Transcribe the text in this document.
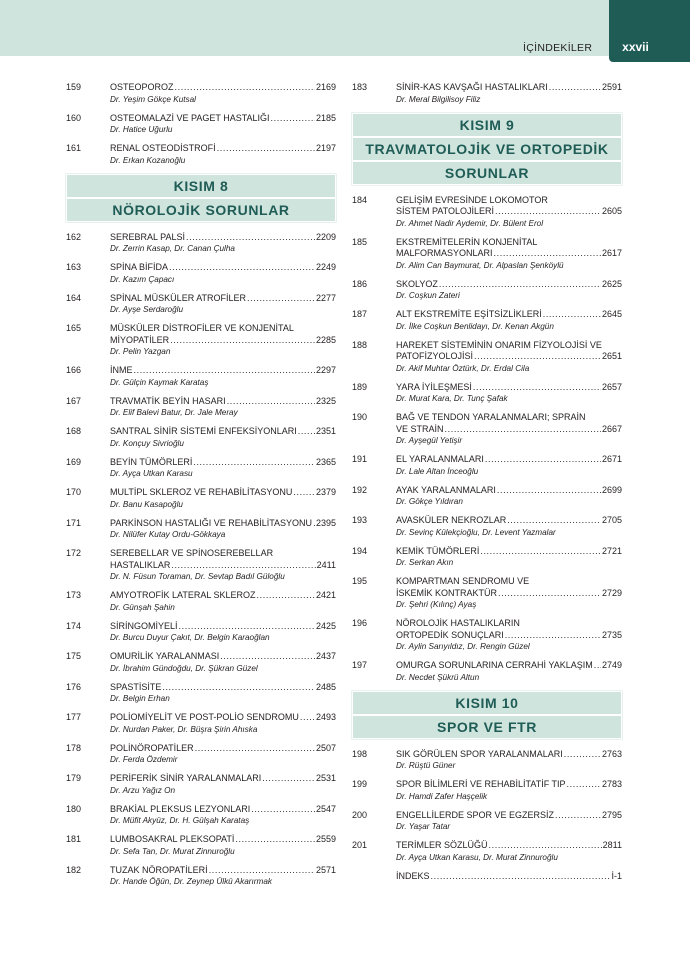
İÇİNDEKİLER	xxvii
159	OSTEOPOROZ .....	2169
Dr. Yeşim Gökçe Kutsal
160	OSTEOMALAZİ VE PAGET HASTALIĞI .....	2185
Dr. Hatice Uğurlu
161	RENAL OSTEODİSTROFİ .....	2197
Dr. Erkan Kozanoğlu
KISIM 8
NÖROLOJİK SORUNLAR
162	SEREBRAL PALSİ .....	2209
Dr. Zerrin Kasap, Dr. Canan Çulha
163	SPİNA BİFİDA .....	2249
Dr. Kazım Çapacı
164	SPİNAL MÜSKÜLER ATROFİLER .....	2277
Dr. Ayşe Serdaroğlu
165	MÜSKÜLER DİSTROFİLER VE KONJENİTAL
MİYOPATİLER .....	2285
Dr. Pelin Yazgan
166	İNME .....	2297
Dr. Gülçin Kaymak Karataş
167	TRAVMATİK BEYİN HASARI .....	2325
Dr. Elif Balevi Batur, Dr. Jale Meray
168	SANTRAL SİNİR SİSTEMİ ENFEKSİYONLARI ..... 2351
Dr. Konçuy Sivrioğlu
169	BEYİN TÜMÖRLERİ .....	2365
Dr. Ayça Utkan Karasu
170	MULTİPL SKLEROZ VE REHABİLİTASYONU .....	2379
Dr. Banu Kasapoğlu
171	PARKİNSON HASTALIĞI VE REHABİLİTASYONU ..... 2395
Dr. Nilüfer Kutay Ordu-Gökkaya
172	SEREBELLAR VE SPİNOSEREBELLAR
HASTALIKLAR .....	2411
Dr. N. Füsun Toraman, Dr. Sevtap Badıl Güloğlu
173	AMYOTROFİK LATERAL SKLEROZ .....	2421
Dr. Günşah Şahin
174	SİRİNGOMİYELİ .....	2425
Dr. Burcu Duyur Çakıt, Dr. Belgin Karaoğlan
175	OMURİLİK YARALANMASI .....	2437
Dr. İbrahim Gündoğdu, Dr. Şükran Güzel
176	SPASTİSİTE .....	2485
Dr. Belgin Erhan
177	POLİOMİYELİT VE POST-POLİO SENDROMU ..... 2493
Dr. Nurdan Paker, Dr. Büşra Şirin Ahıska
178	POLİNÖROPATİLER .....	2507
Dr. Ferda Özdemir
179	PERİFERİK SİNİR YARALANMALARI .....	2531
Dr. Arzu Yağız On
180	BRAKİAL PLEKSUS LEZYONLARI .....	2547
Dr. Müfit Akyüz, Dr. H. Gülşah Karataş
181	LUMBOSAKRAL PLEKSOPATİ .....	2559
Dr. Sefa Tan, Dr. Murat Zinnuroğlu
182	TUZAK NÖROPATİLERİ .....	2571
Dr. Hande Öğün, Dr. Zeynep Ülkü Akarırmak
183	SİNİR-KAS KAVŞAĞI HASTALIKLARI .....	2591
Dr. Meral Bilgilisoy Filiz
KISIM 9
TRAVMATOLOJİK VE ORTOPEDİK
SORUNLAR
184	GELİŞİM EVRESİNDE LOKOMOTOR
SİSTEM PATOLOJİLERİ .....	2605
Dr. Ahmet Nadir Aydemir, Dr. Bülent Erol
185	EKSTREMİTELERİN KONJENİTAL
MALFORMASYONLARI .....	2617
Dr. Alim Can Baymurat, Dr. Alpaslan Şenköylü
186	SKOLYOZ .....	2625
Dr. Coşkun Zateri
187	ALT EKSTREMİTE EŞİTSİZLİKLERİ .....	2645
Dr. İlke Coşkun Benlidayı, Dr. Kenan Akgün
188	HAREKET SİSTEMİNİN ONARIM FİZYOLOJİSİ VE
PATOFİZYOLOJİSİ .....	2651
Dr. Akif Muhtar Öztürk, Dr. Erdal Cila
189	YARA İYİLEŞMESİ .....	2657
Dr. Murat Kara, Dr. Tunç Şafak
190	BAĞ VE TENDON YARALANMALARI; SPRAİN
VE STRAİN .....	2667
Dr. Ayşegül Yetişir
191	EL YARALANMALARI .....	2671
Dr. Lale Altan İnceoğlu
192	AYAK YARALANMALARI .....	2699
Dr. Gökçe Yıldıran
193	AVASKÜLER NEKROZLAR .....	2705
Dr. Sevinç Külekçioğlu, Dr. Levent Yazmalar
194	KEMİK TÜMÖRLERİ .....	2721
Dr. Serkan Akın
195	KOMPARTMAN SENDROMU VE
İSKEMİK KONTRAKTÜR .....	2729
Dr. Şehri (Kılınç) Ayaş
196	NÖROLOJİK HASTALIKLARIN
ORTOPEDİK SONUÇLARI .....	2735
Dr. Aylin Sarıyıldız, Dr. Rengin Güzel
197	OMURGA SORUNLARINA CERRAHİ YAKLAŞIM ..... 2749
Dr. Necdet Şükrü Altun
KISIM 10
SPOR VE FTR
198	SIK GÖRÜLEN SPOR YARALANMALARI .....	2763
Dr. Rüştü Güner
199	SPOR BİLİMLERİ VE REHABİLİTATİF TIP .....	2783
Dr. Hamdi Zafer Haşçelik
200	ENGELLİLERDE SPOR VE EGZERSİZ .....	2795
Dr. Yaşar Tatar
201	TERİMLER SÖZLÜĞÜ .....	2811
Dr. Ayça Utkan Karasu, Dr. Murat Zinnuroğlu
İNDEKS .....	İ-1
